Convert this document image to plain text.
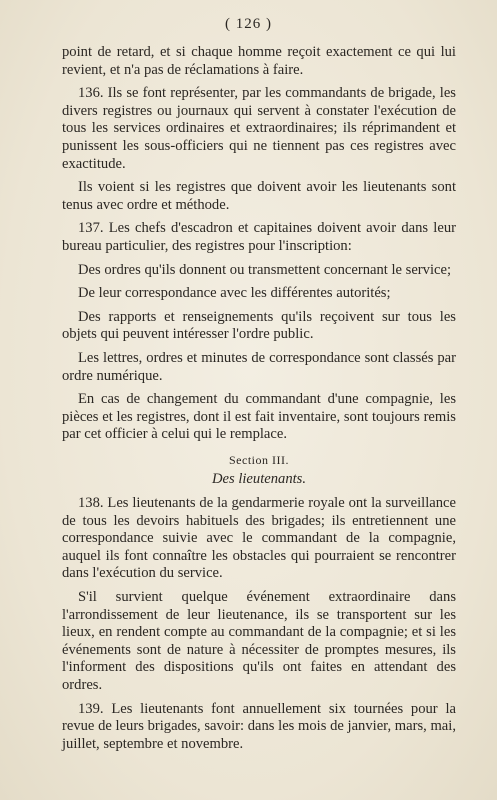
( 126 )

point de retard, et si chaque homme reçoit exactement ce qui lui revient, et n'a pas de réclamations à faire.

136. Ils se font représenter, par les commandants de brigade, les divers registres ou journaux qui servent à constater l'exécution de tous les services ordinaires et extraordinaires; ils réprimandent et punissent les sous-officiers qui ne tiennent pas ces registres avec exactitude.

Ils voient si les registres que doivent avoir les lieutenants sont tenus avec ordre et méthode.

137. Les chefs d'escadron et capitaines doivent avoir dans leur bureau particulier, des registres pour l'inscription:

Des ordres qu'ils donnent ou transmettent concernant le service;

De leur correspondance avec les différentes autorités;

Des rapports et renseignements qu'ils reçoivent sur tous les objets qui peuvent intéresser l'ordre public.

Les lettres, ordres et minutes de correspondance sont classés par ordre numérique.

En cas de changement du commandant d'une compagnie, les pièces et les registres, dont il est fait inventaire, sont toujours remis par cet officier à celui qui le remplace.

Section III.

Des lieutenants.

138. Les lieutenants de la gendarmerie royale ont la surveillance de tous les devoirs habituels des brigades; ils entretiennent une correspondance suivie avec le commandant de la compagnie, auquel ils font connaître les obstacles qui pourraient se rencontrer dans l'exécution du service.

S'il survient quelque événement extraordinaire dans l'arrondissement de leur lieutenance, ils se transportent sur les lieux, en rendent compte au commandant de la compagnie; et si les événements sont de nature à nécessiter de promptes mesures, ils l'informent des dispositions qu'ils ont faites en attendant des ordres.

139. Les lieutenants font annuellement six tournées pour la revue de leurs brigades, savoir: dans les mois de janvier, mars, mai, juillet, septembre et novembre.
